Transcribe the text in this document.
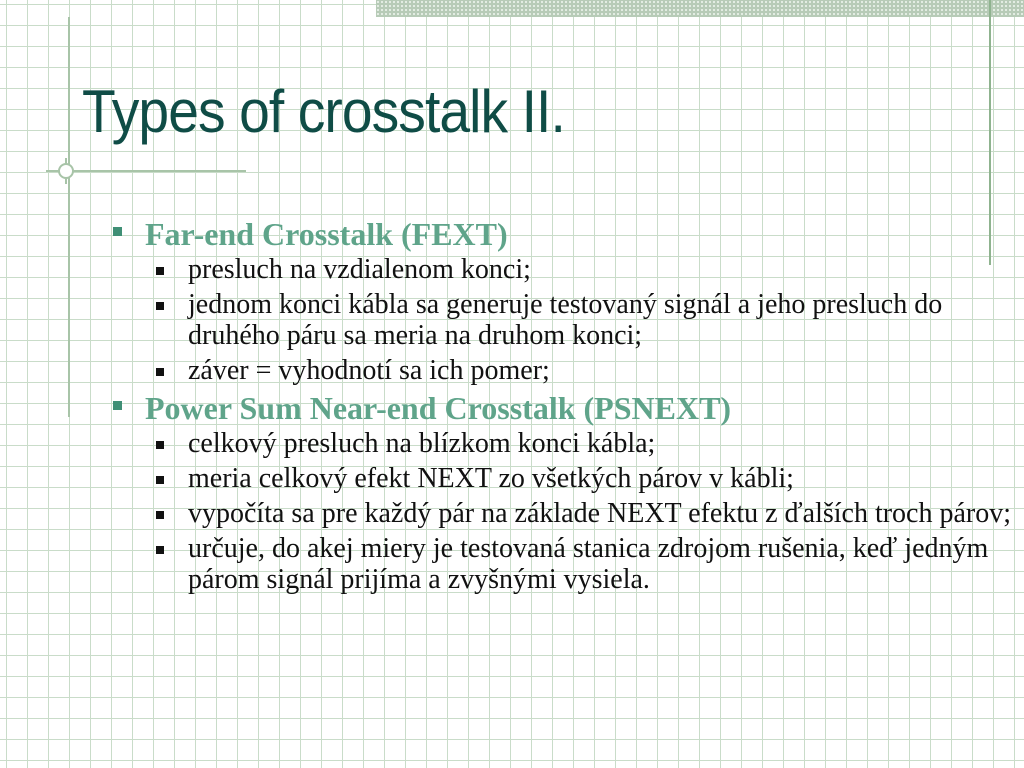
Types of crosstalk II.
Far-end Crosstalk (FEXT)
presluch na vzdialenom konci;
jednom konci kábla sa generuje testovaný signál a jeho presluch do druhého páru sa meria na druhom konci;
záver = vyhodnotí sa ich pomer;
Power Sum Near-end Crosstalk (PSNEXT)
celkový presluch na blízkom konci kábla;
meria celkový efekt NEXT zo všetkých párov v kábli;
vypočíta sa pre každý pár na základe NEXT efektu z ďalších troch párov;
určuje, do akej miery je testovaná stanica zdrojom rušenia, keď jedným párom signál prijíma a zvyšnými vysiela.
